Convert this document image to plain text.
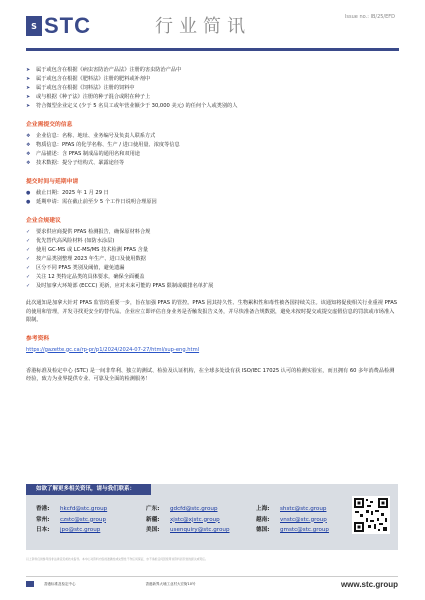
S STC	行业简讯	Issue no.: IB/25/EFD
➤	属于或包含在根据《病虫害防治产品法》注册的害虫防治产品中
➤	属于或包含在根据《肥料法》注册的肥料或补剂中
➤	属于或包含在根据《饲料法》注册的饲料中
➤	或与根据《种子法》注册的种子混合或附在种子上
➤	符合微型企业定义 (少于 5 名员工或年营业额少于 30,000 美元) 的任何个人或类别的人
企业需提交的信息
❖	企业信息：名称、地址、业务编号及负责人联系方式
❖	物质信息：PFAS 的化学名称、生产 / 进口使用量、浓度等信息
❖	产品描述：含 PFAS 制成品的通用名和双用途
❖	技术数据：提分子结构式、暴露途径等
提交时间与延期申请
●	截止日期：2025 年 1 月 29 日
●	延期申请：需在截止前至少 5 个工作日说明合理原因
企业合规建议
✓	要求供应商提供 PFAS 检测报告，确保原材料合规
✓	优先替代高风险材料 (如防水涂层)
✓	使用 GC-MS 或 LC-MS/MS 技术检测 PFAS 含量
✓	按产品类别整理 2023 年生产、进口及使用数据
✓	区分不同 PFAS 类别及阈值，避免遗漏
✓	关注 12 类特定品类的具体要求，确保全面覆盖
✓	及时加拿大环境部 (ECCC) 更新，应对未来可能的 PFAS 限制或碳排名单扩展

此次通知是加拿大针对 PFAS 监管的重要一步，旨在加强 PFAS 的管控。PFAS 因其持久性、生物累积性和毒性被各国持续关注。该通知将促使相关行业重视 PFAS 的使用和管理，并发寻找更安全的替代品。企业应立即评估自身业务是否触发报告义务，并尽快准备合规数据，避免未按时提交或提交虚假信息的罚款或市场准入限制。

参考资料
https://gazette.gc.ca/rp-pr/p1/2024/2024-07-27/html/sup-eng.html

香港标准及检定中心 (STC) 是一间非牟利、独立的测试、检验及认证机构，在全球多处设有获 ISO/IEC 17025 认可的检测实验室，而且拥有 60 多年消费品检测经验，致力为业界提供专业、可靠及全面的检测服务！

如欲了解更多相关资讯，请与我们联系：
香港:	hkcfd@stc.group	广东:	gdcfd@stc.group	上海:	shstc@stc.group
常州:	czstc@stc.group	新疆:	xjstc@xjstc.group	越南:	vnstc@stc.group
日本:	jpo@stc.group	美国:	usenquiry@stc.group	德国:	gmstc@stc.group
以上资料仅供参考而非法律意见或技术指导。本中心对资料内容的准确性或完整性不作任何保证，亦不承担任何因使用该资料而引致的损失或责任。
香港标准及检定中心	香港新界大埔工业村大宏街10号	www.stc.group
